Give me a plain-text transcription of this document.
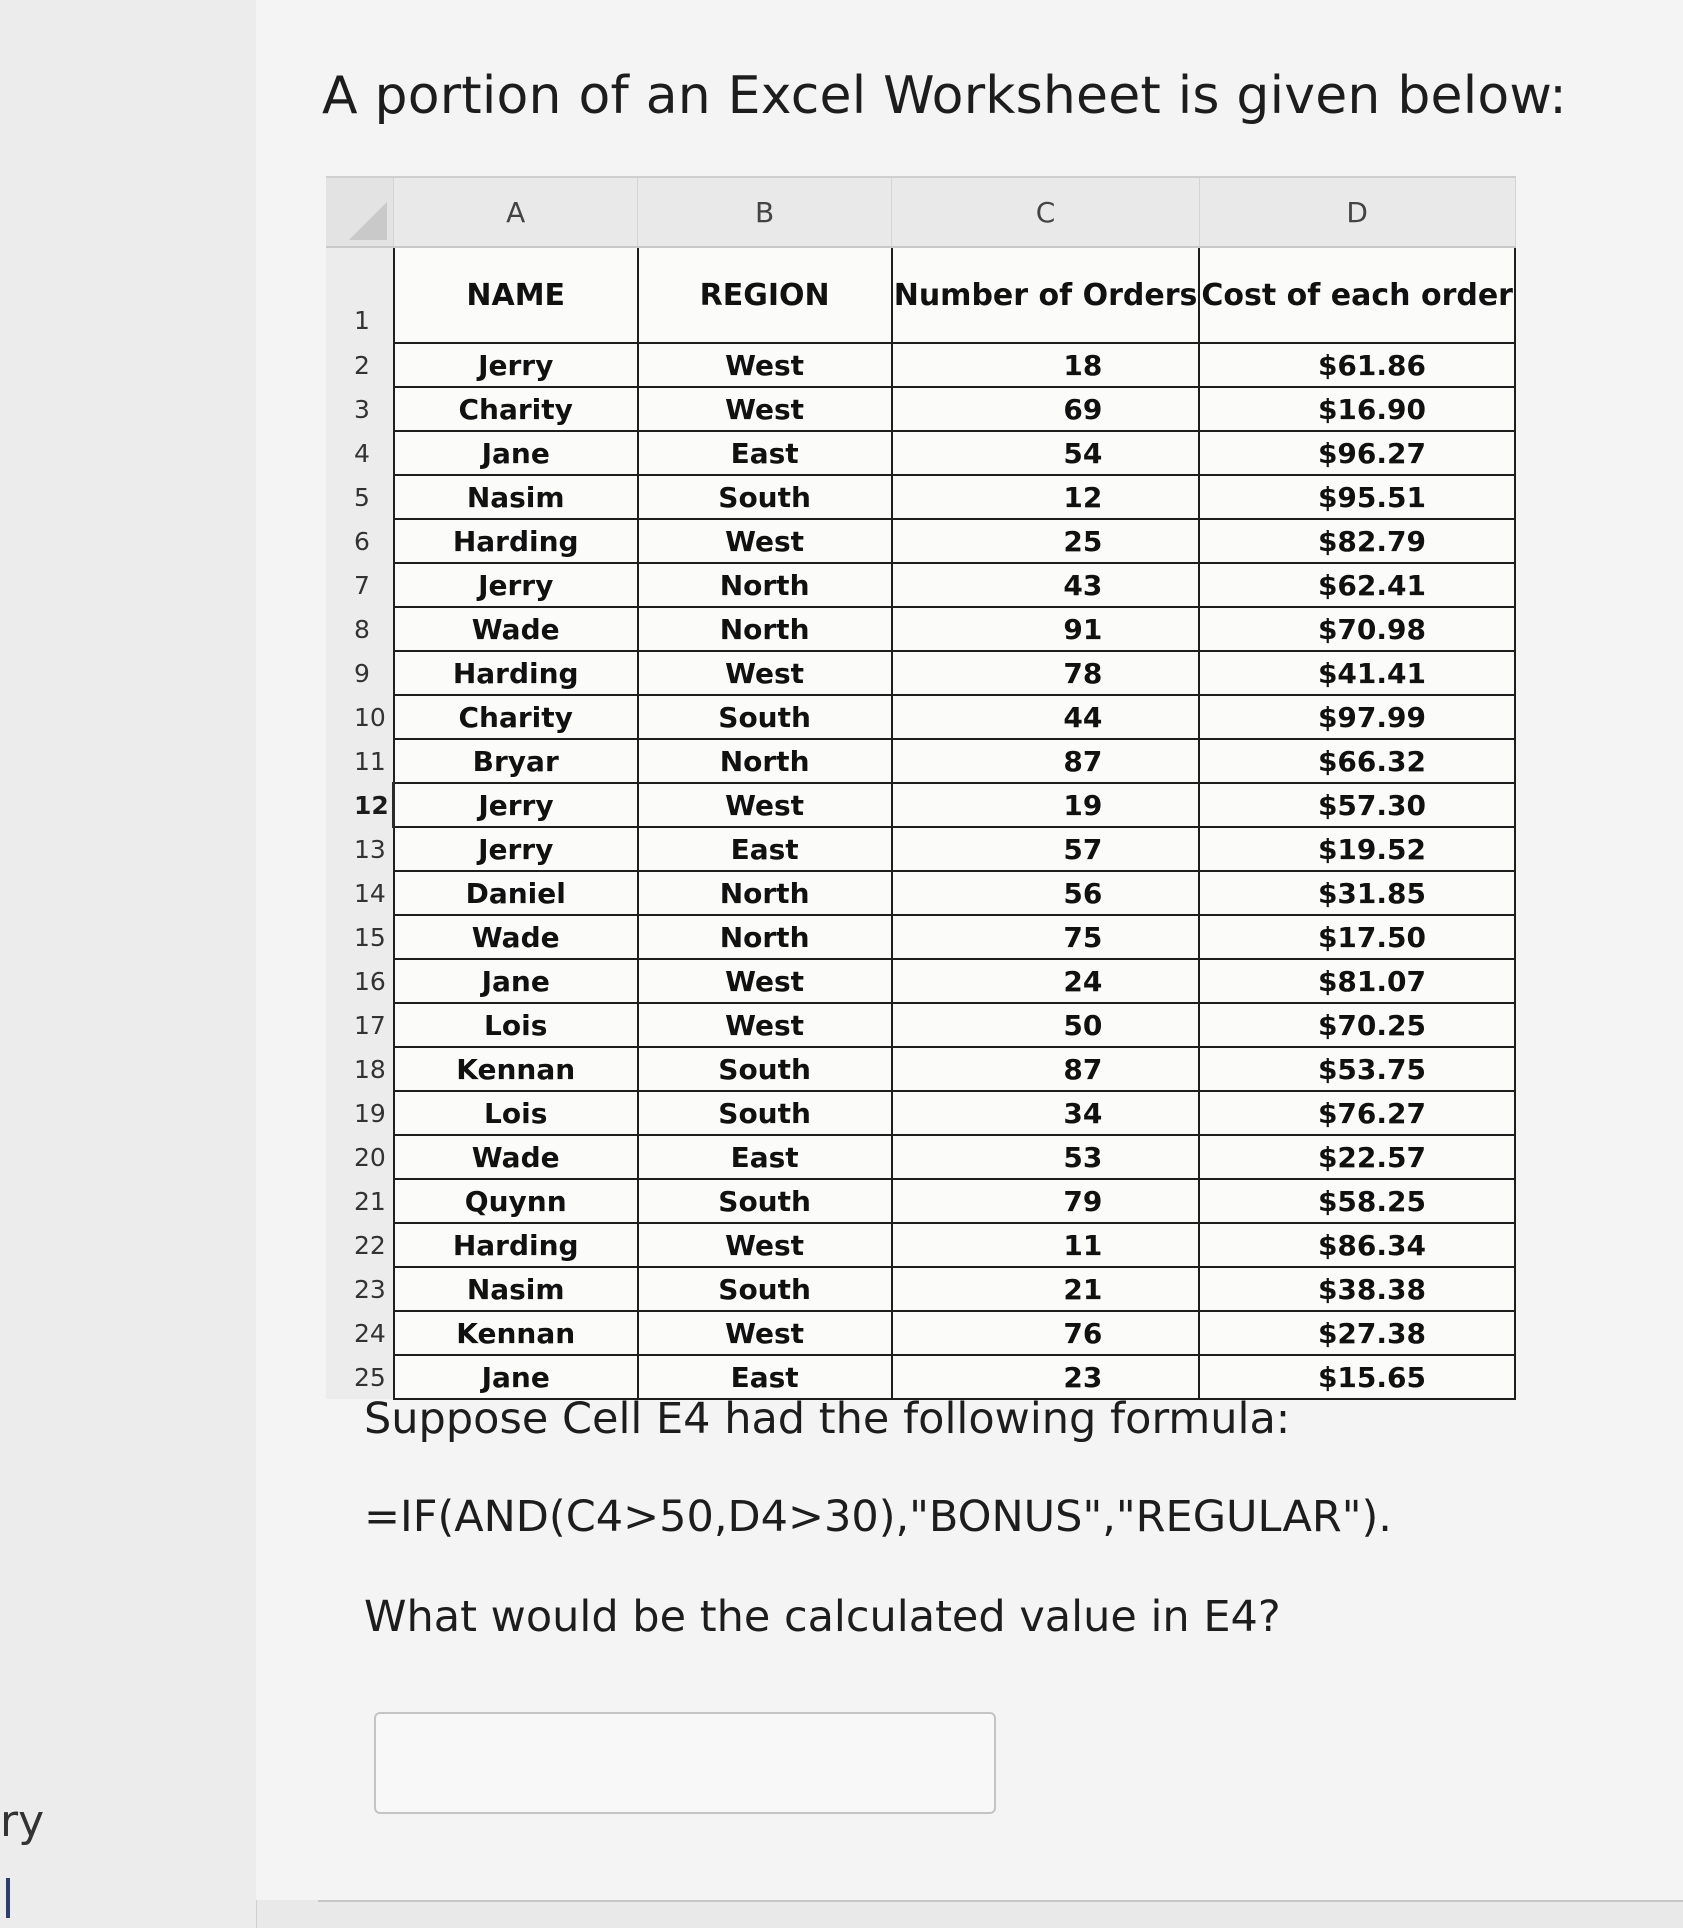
ry
A portion of an Excel Worksheet is given below:
	A	B	C	D
1	NAME	REGION	Number of Orders	Cost of each order
2	Jerry	West	18	$61.86
3	Charity	West	69	$16.90
4	Jane	East	54	$96.27
5	Nasim	South	12	$95.51
6	Harding	West	25	$82.79
7	Jerry	North	43	$62.41
8	Wade	North	91	$70.98
9	Harding	West	78	$41.41
10	Charity	South	44	$97.99
11	Bryar	North	87	$66.32
12	Jerry	West	19	$57.30
13	Jerry	East	57	$19.52
14	Daniel	North	56	$31.85
15	Wade	North	75	$17.50
16	Jane	West	24	$81.07
17	Lois	West	50	$70.25
18	Kennan	South	87	$53.75
19	Lois	South	34	$76.27
20	Wade	East	53	$22.57
21	Quynn	South	79	$58.25
22	Harding	West	11	$86.34
23	Nasim	South	21	$38.38
24	Kennan	West	76	$27.38
25	Jane	East	23	$15.65

Suppose Cell E4 had the following formula:

=IF(AND(C4>50,D4>30),"BONUS","REGULAR").

What would be the calculated value in E4?
